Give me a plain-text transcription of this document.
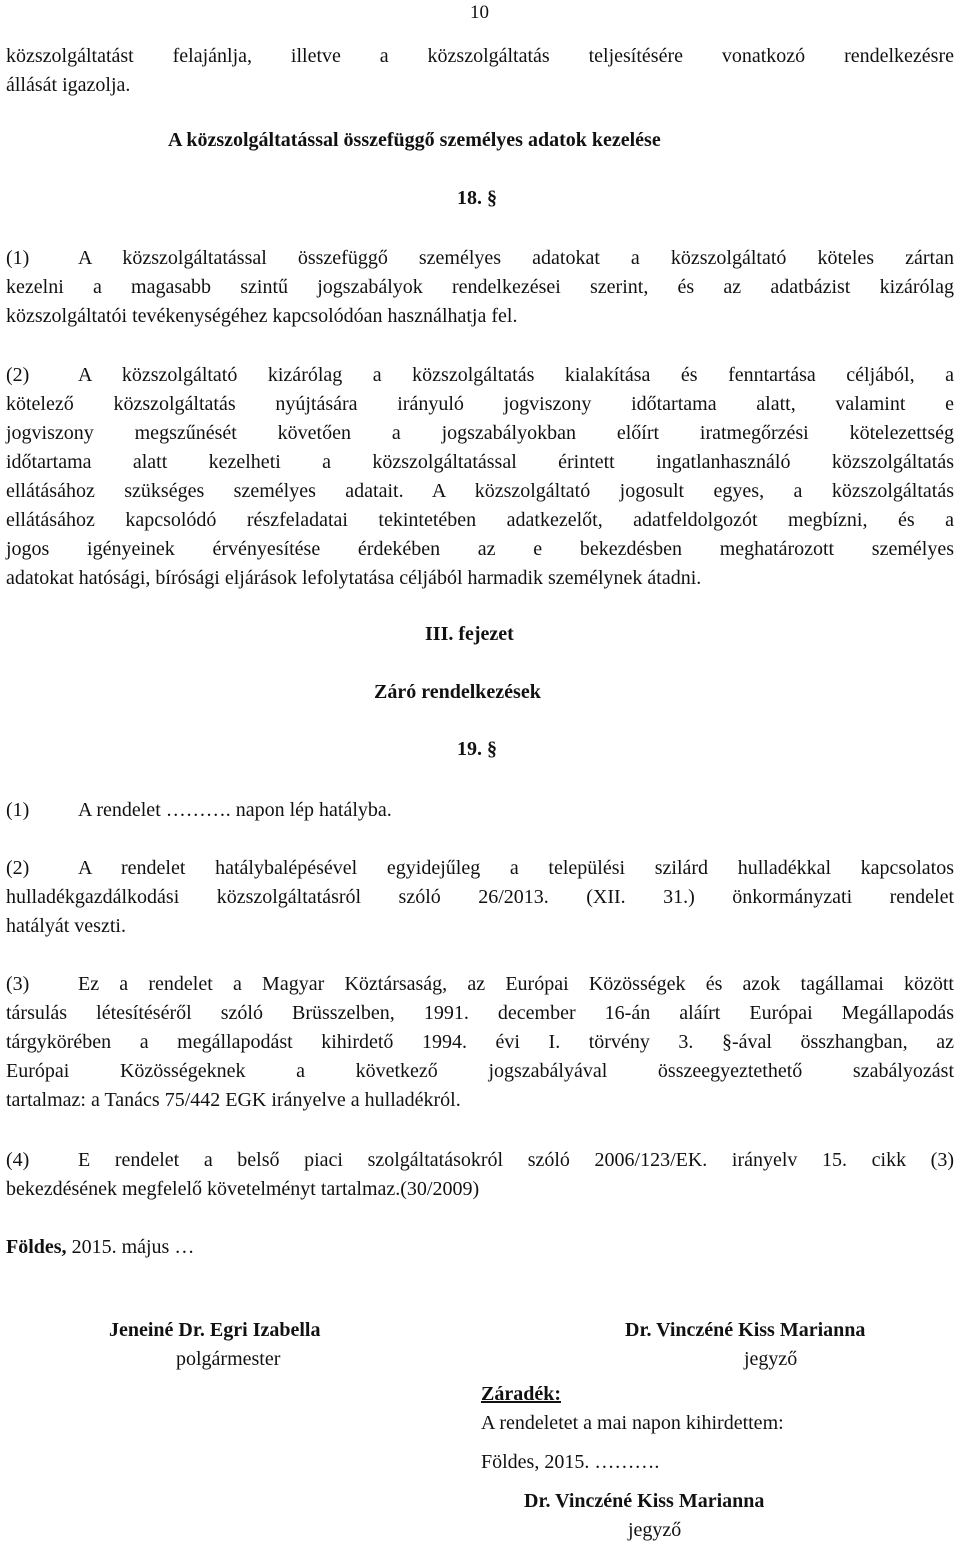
10
közszolgáltatást felajánlja, illetve a közszolgáltatás teljesítésére vonatkozó rendelkezésre
állását igazolja.
A közszolgáltatással összefüggő személyes adatok kezelése
18. §
(1) A közszolgáltatással összefüggő személyes adatokat a közszolgáltató köteles zártan
kezelni a magasabb szintű jogszabályok rendelkezései szerint, és az adatbázist kizárólag
közszolgáltatói tevékenységéhez kapcsolódóan használhatja fel.
(2) A közszolgáltató kizárólag a közszolgáltatás kialakítása és fenntartása céljából, a
kötelező közszolgáltatás nyújtására irányuló jogviszony időtartama alatt, valamint e
jogviszony megszűnését követően a jogszabályokban előírt iratmegőrzési kötelezettség
időtartama alatt kezelheti a közszolgáltatással érintett ingatlanhasználó közszolgáltatás
ellátásához szükséges személyes adatait. A közszolgáltató jogosult egyes, a közszolgáltatás
ellátásához kapcsolódó részfeladatai tekintetében adatkezelőt, adatfeldolgozót megbízni, és a
jogos igényeinek érvényesítése érdekében az e bekezdésben meghatározott személyes
adatokat hatósági, bírósági eljárások lefolytatása céljából harmadik személynek átadni.
III. fejezet
Záró rendelkezések
19. §
(1) A rendelet ………. napon lép hatályba.
(2) A rendelet hatálybalépésével egyidejűleg a települési szilárd hulladékkal kapcsolatos
hulladékgazdálkodási közszolgáltatásról szóló 26/2013. (XII. 31.) önkormányzati rendelet
hatályát veszti.
(3) Ez a rendelet a Magyar Köztársaság, az Európai Közösségek és azok tagállamai között
társulás létesítéséről szóló Brüsszelben, 1991. december 16-án aláírt Európai Megállapodás
tárgykörében a megállapodást kihirdető 1994. évi I. törvény 3. §-ával összhangban, az
Európai Közösségeknek a következő jogszabályával összeegyeztethető szabályozást
tartalmaz: a Tanács 75/442 EGK irányelve a hulladékról.
(4) E rendelet a belső piaci szolgáltatásokról szóló 2006/123/EK. irányelv 15. cikk (3)
bekezdésének megfelelő követelményt tartalmaz.(30/2009)
Földes, 2015. május …
Jeneiné Dr. Egri Izabella
polgármester
Dr. Vinczéné Kiss Marianna
jegyző
Záradék:
A rendeletet a mai napon kihirdettem:
Földes, 2015. ……….
Dr. Vinczéné Kiss Marianna
jegyző
